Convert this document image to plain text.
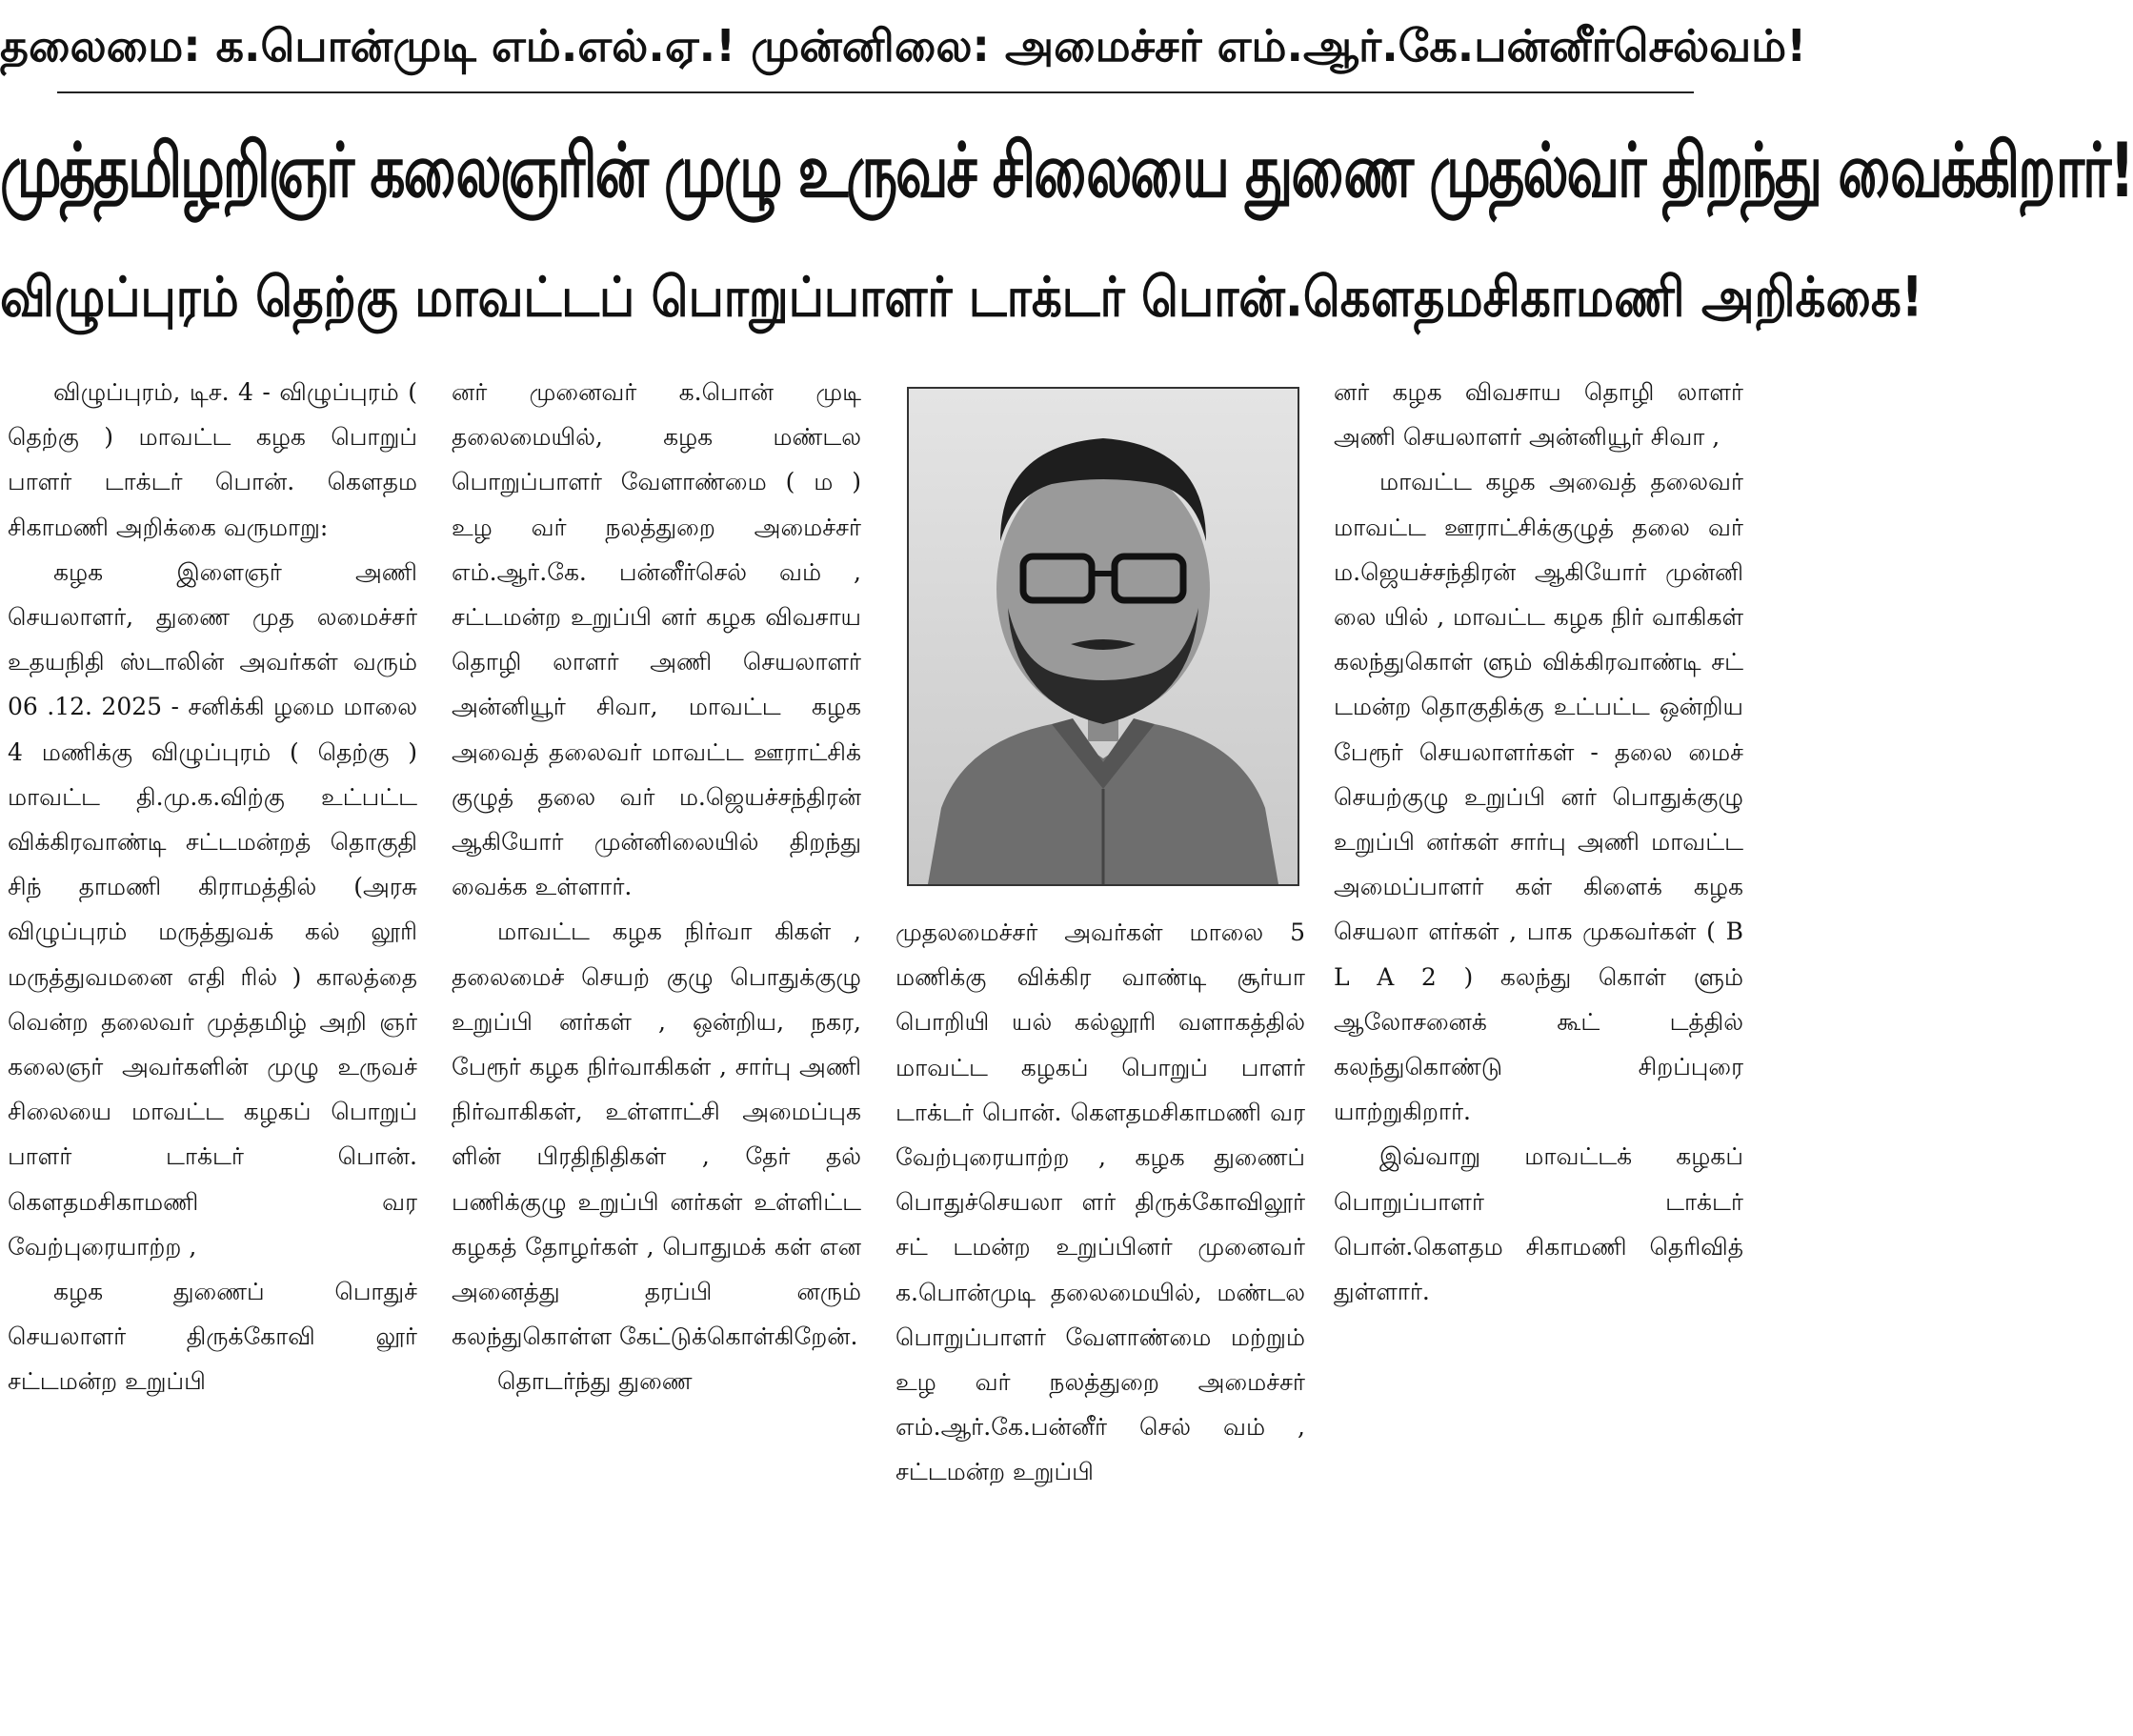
தலைமை: க.பொன்முடி எம்.எல்.ஏ.! முன்னிலை: அமைச்சர் எம்.ஆர்.கே.பன்னீர்செல்வம்!
முத்தமிழறிஞர் கலைஞரின் முழு உருவச் சிலையை துணை முதல்வர் திறந்து வைக்கிறார்!
விழுப்புரம் தெற்கு மாவட்டப் பொறுப்பாளர் டாக்டர் பொன்.கௌதமசிகாமணி அறிக்கை!

விழுப்புரம், டிச. 4 - விழுப்புரம் ( தெற்கு ) மாவட்ட கழக பொறுப் பாளர் டாக்டர் பொன். கௌதம சிகாமணி அறிக்கை வருமாறு:

கழக இளைஞர் அணி செயலாளர், துணை முத லமைச்சர் உதயநிதி ஸ்டாலின் அவர்கள் வரும் 06 .12. 2025 - சனிக்கி ழமை மாலை 4 மணிக்கு விழுப்புரம் ( தெற்கு ) மாவட்ட தி.மு.க.விற்கு உட்பட்ட விக்கிரவாண்டி சட்டமன்றத் தொகுதி சிந் தாமணி கிராமத்தில் (அரசு விழுப்புரம் மருத்துவக் கல் லூரி மருத்துவமனை எதி ரில் ) காலத்தை வென்ற தலைவர் முத்தமிழ் அறி ஞர் கலைஞர் அவர்களின் முழு உருவச் சிலையை மாவட்ட கழகப் பொறுப் பாளர் டாக்டர் பொன். கௌதமசிகாமணி வர வேற்புரையாற்ற ,

கழக துணைப் பொதுச் செயலாளர் திருக்கோவி லூர் சட்டமன்ற உறுப்பி

னர் முனைவர் க.பொன் முடி தலைமையில், கழக மண்டல பொறுப்பாளர் வேளாண்மை ( ம ) உழ வர் நலத்துறை அமைச்சர் எம்.ஆர்.கே. பன்னீர்செல் வம் , சட்டமன்ற உறுப்பி னர் கழக விவசாய தொழி லாளர் அணி செயலாளர் அன்னியூர் சிவா, மாவட்ட கழக அவைத் தலைவர் மாவட்ட ஊராட்சிக் குழுத் தலை வர் ம.ஜெயச்சந்திரன் ஆகியோர் முன்னிலையில் திறந்து வைக்க உள்ளார்.

மாவட்ட கழக நிர்வா கிகள் , தலைமைச் செயற் குழு பொதுக்குழு உறுப்பி னர்கள் , ஒன்றிய, நகர, பேரூர் கழக நிர்வாகிகள் , சார்பு அணி நிர்வாகிகள், உள்ளாட்சி அமைப்புக ளின் பிரதிநிதிகள் , தேர் தல் பணிக்குழு உறுப்பி னர்கள் உள்ளிட்ட கழகத் தோழர்கள் , பொதுமக் கள் என அனைத்து தரப்பி னரும் கலந்துகொள்ள கேட்டுக்கொள்கிறேன்.

தொடர்ந்து துணை

முதலமைச்சர் அவர்கள் மாலை 5 மணிக்கு விக்கிர வாண்டி சூர்யா பொறியி யல் கல்லூரி வளாகத்தில் மாவட்ட கழகப் பொறுப் பாளர் டாக்டர் பொன். கௌதமசிகாமணி வர வேற்புரையாற்ற , கழக துணைப் பொதுச்செயலா ளர் திருக்கோவிலூர் சட் டமன்ற உறுப்பினர் முனைவர் க.பொன்முடி தலைமையில், மண்டல பொறுப்பாளர் வேளாண்மை மற்றும் உழ வர் நலத்துறை அமைச்சர் எம்.ஆர்.கே.பன்னீர் செல் வம் , சட்டமன்ற உறுப்பி

னர் கழக விவசாய தொழி லாளர் அணி செயலாளர் அன்னியூர் சிவா ,

மாவட்ட கழக அவைத் தலைவர் மாவட்ட ஊராட்சிக்குழுத் தலை வர் ம.ஜெயச்சந்திரன் ஆகியோர் முன்னி லை யில் , மாவட்ட கழக நிர் வாகிகள் கலந்துகொள் ளும் விக்கிரவாண்டி சட் டமன்ற தொகுதிக்கு உட்பட்ட ஒன்றிய பேரூர் செயலாளர்கள் - தலை மைச் செயற்குழு உறுப்பி னர் பொதுக்குழு உறுப்பி னர்கள் சார்பு அணி மாவட்ட அமைப்பாளர் கள் கிளைக் கழக செயலா ளர்கள் , பாக முகவர்கள் ( B L A 2 ) கலந்து கொள் ளும் ஆலோசனைக் கூட் டத்தில் கலந்துகொண்டு சிறப்புரை யாற்றுகிறார்.

இவ்வாறு மாவட்டக் கழகப் பொறுப்பாளர் டாக்டர் பொன்.கௌதம சிகாமணி தெரிவித் துள்ளார்.
